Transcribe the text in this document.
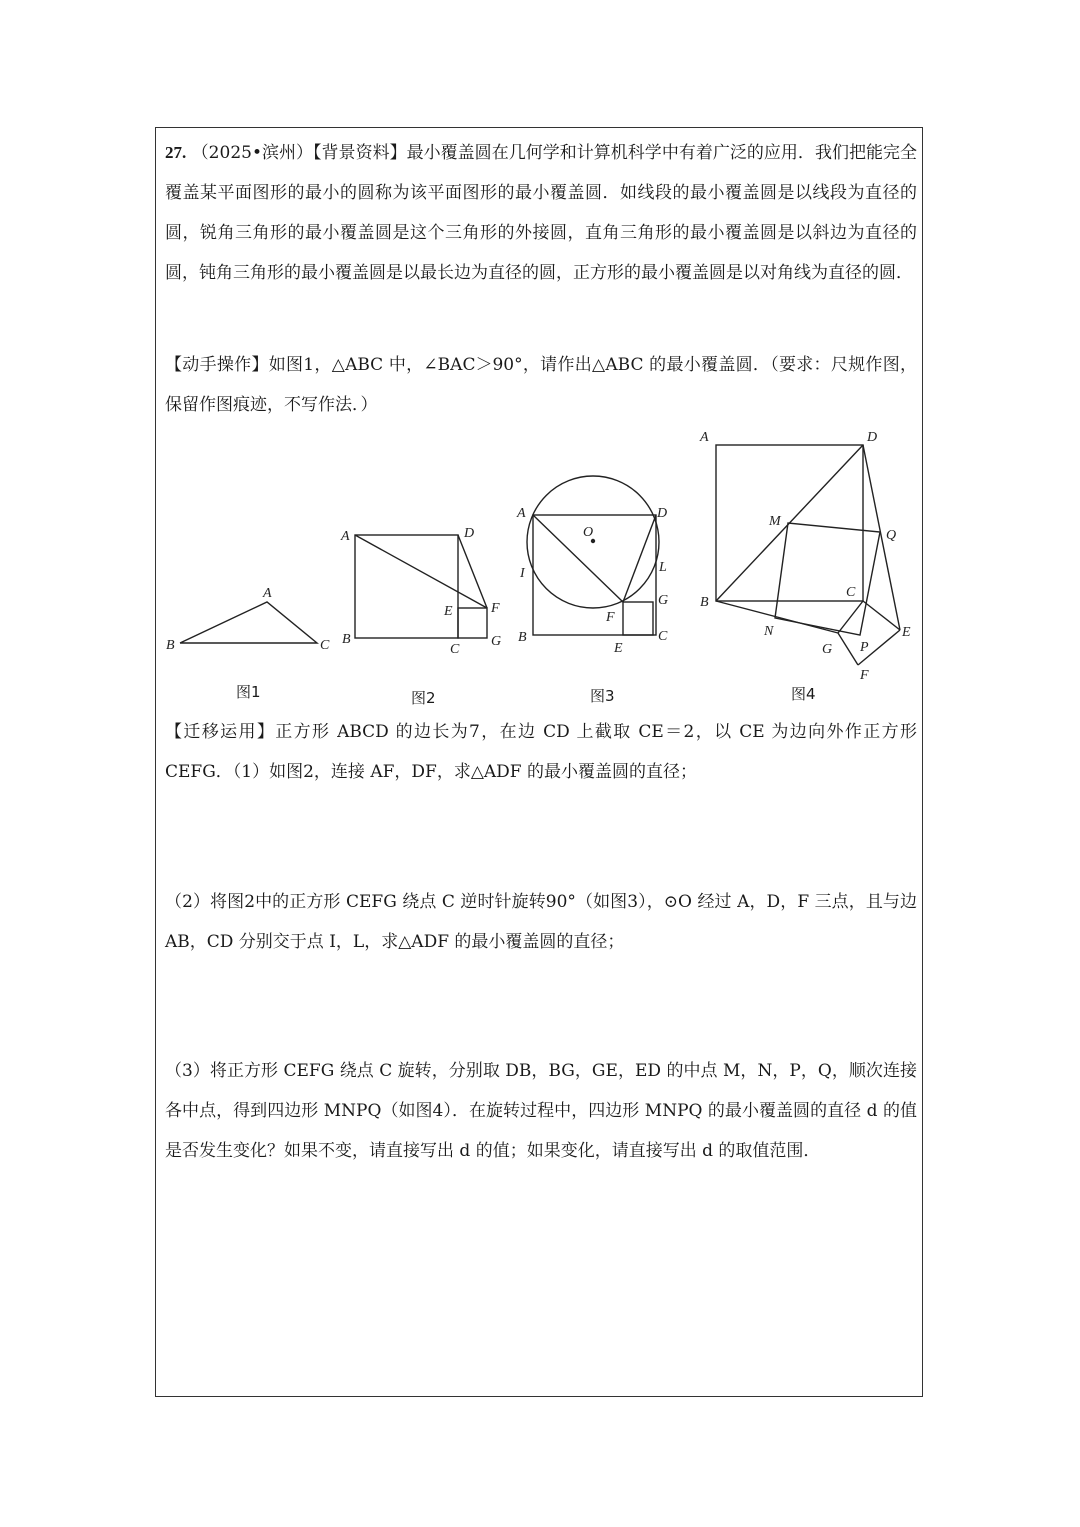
27. （2025•滨州）【背景资料】最小覆盖圆在几何学和计算机科学中有着广泛的应用．我们把能完全覆盖某平面图形的最小的圆称为该平面图形的最小覆盖圆．如线段的最小覆盖圆是以线段为直径的圆，锐角三角形的最小覆盖圆是这个三角形的外接圆，直角三角形的最小覆盖圆是以斜边为直径的圆，钝角三角形的最小覆盖圆是以最长边为直径的圆，正方形的最小覆盖圆是以对角线为直径的圆．

【动手操作】如图1，△ABC 中，∠BAC＞90°，请作出△ABC 的最小覆盖圆．（要求：尺规作图，保留作图痕迹，不写作法．）

B
A
C
A	D
E	F
B
C
G
A
O
D
I	L
G
F
B
E
C
A	D
M
Q
C
B
N	E
G P
F
图1	图2	图3	图4

【迁移运用】正方形 ABCD 的边长为7，在边 CD 上截取 CE＝2，以 CE 为边向外作正方形 CEFG．（1）如图2，连接 AF，DF，求△ADF 的最小覆盖圆的直径；

（2）将图2中的正方形 CEFG 绕点 C 逆时针旋转90°（如图3），⊙O 经过 A，D，F 三点，且与边 AB，CD 分别交于点 I，L，求△ADF 的最小覆盖圆的直径；

（3）将正方形 CEFG 绕点 C 旋转，分别取 DB，BG，GE，ED 的中点 M，N，P，Q，顺次连接各中点，得到四边形 MNPQ（如图4）．在旋转过程中，四边形 MNPQ 的最小覆盖圆的直径 d 的值是否发生变化？如果不变，请直接写出 d 的值；如果变化，请直接写出 d 的取值范围．
